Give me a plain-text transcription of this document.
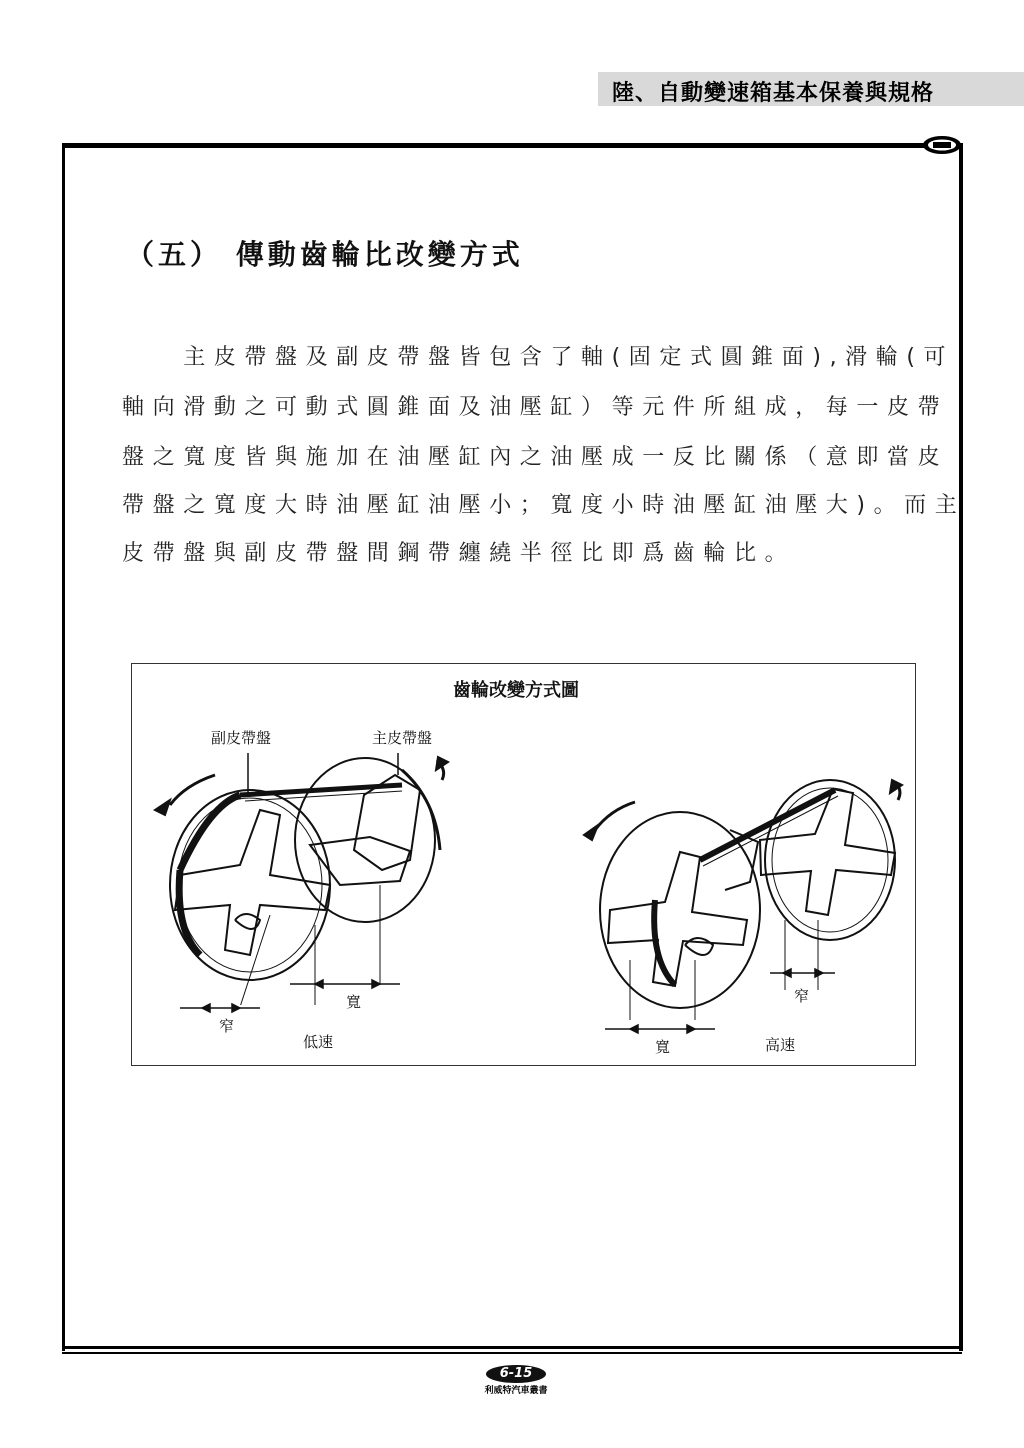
陸、自動變速箱基本保養與規格
（五） 傳動齒輪比改變方式
　　主皮帶盤及副皮帶盤皆包含了軸(固定式圓錐面),滑輪(可
軸向滑動之可動式圓錐面及油壓缸）等元件所組成，每一皮帶
盤之寬度皆與施加在油壓缸內之油壓成一反比關係（意即當皮
帶盤之寬度大時油壓缸油壓小；寬度小時油壓缸油壓大)。而主
皮帶盤與副皮帶盤間鋼帶纏繞半徑比即爲齒輪比。
齒輪改變方式圖
副皮帶盤	主皮帶盤
窄
寬
低速
窄
寬	高速
6-15
利威特汽車叢書
